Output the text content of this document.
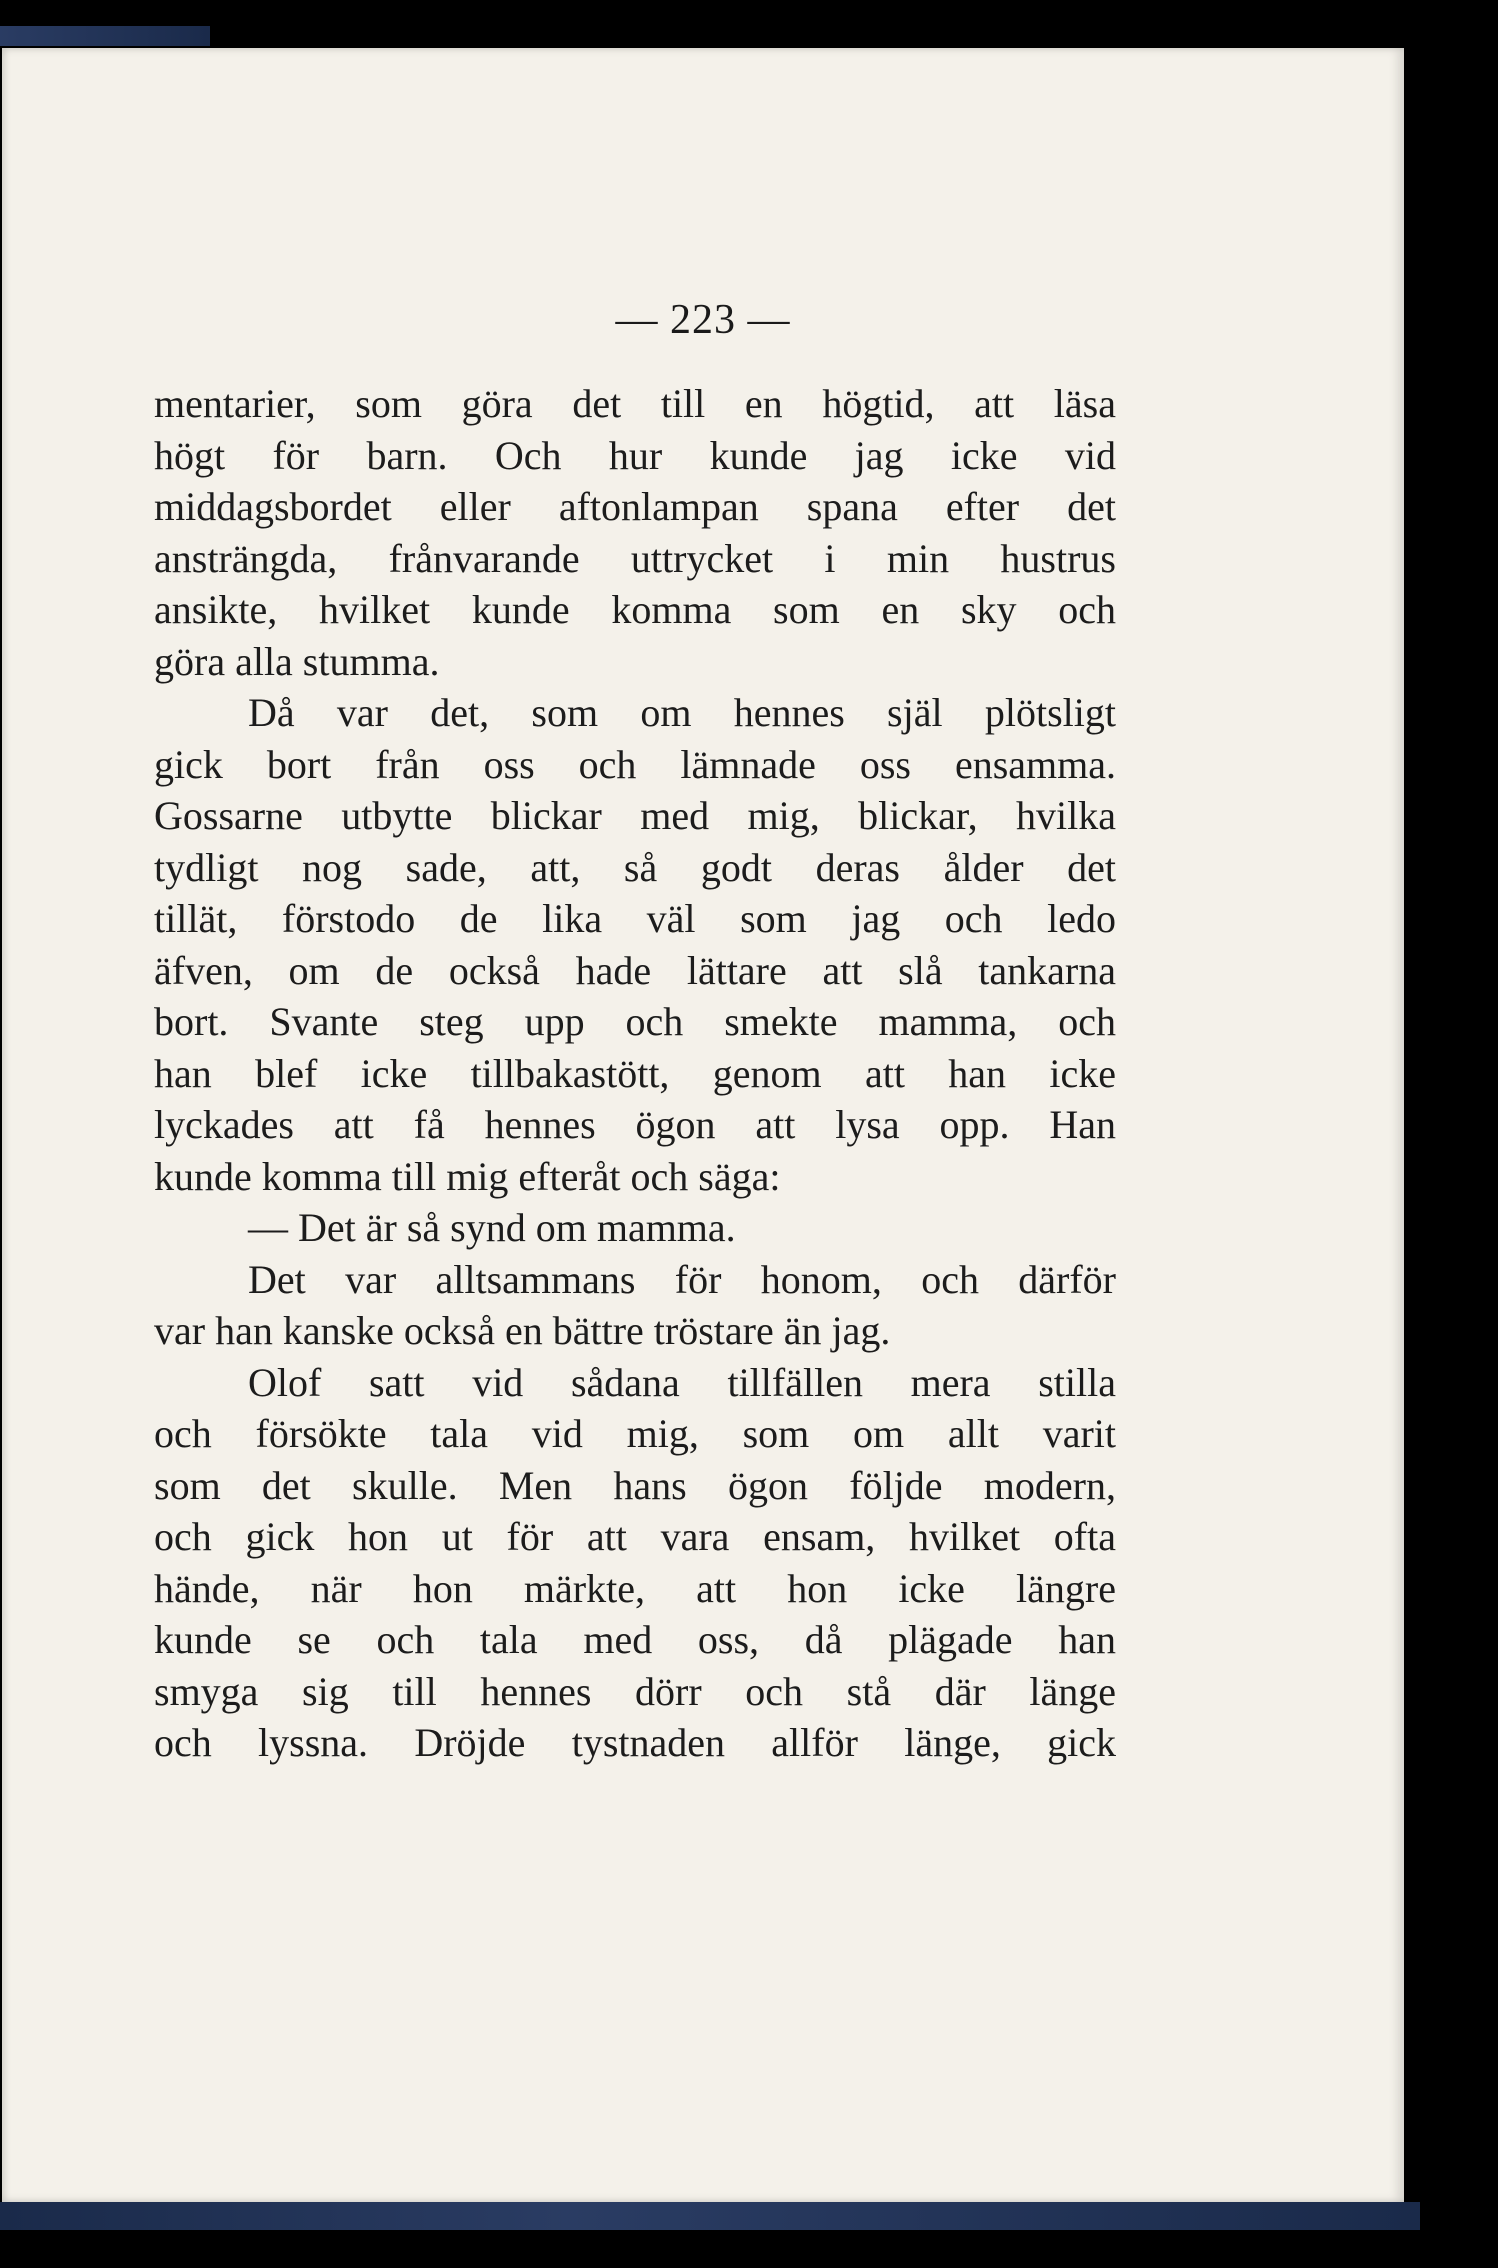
— 223 —
mentarier, som göra det till en högtid, att läsa
högt för barn. Och hur kunde jag icke vid
middagsbordet eller aftonlampan spana efter det
ansträngda, frånvarande uttrycket i min hustrus
ansikte, hvilket kunde komma som en sky och
göra alla stumma.
Då var det, som om hennes själ plötsligt
gick bort från oss och lämnade oss ensamma.
Gossarne utbytte blickar med mig, blickar, hvilka
tydligt nog sade, att, så godt deras ålder det
tillät, förstodo de lika väl som jag och ledo
äfven, om de också hade lättare att slå tankarna
bort. Svante steg upp och smekte mamma, och
han blef icke tillbakastött, genom att han icke
lyckades att få hennes ögon att lysa opp. Han
kunde komma till mig efteråt och säga:
— Det är så synd om mamma.
Det var alltsammans för honom, och därför
var han kanske också en bättre tröstare än jag.
Olof satt vid sådana tillfällen mera stilla
och försökte tala vid mig, som om allt varit
som det skulle. Men hans ögon följde modern,
och gick hon ut för att vara ensam, hvilket ofta
hände, när hon märkte, att hon icke längre
kunde se och tala med oss, då plägade han
smyga sig till hennes dörr och stå där länge
och lyssna. Dröjde tystnaden allför länge, gick
